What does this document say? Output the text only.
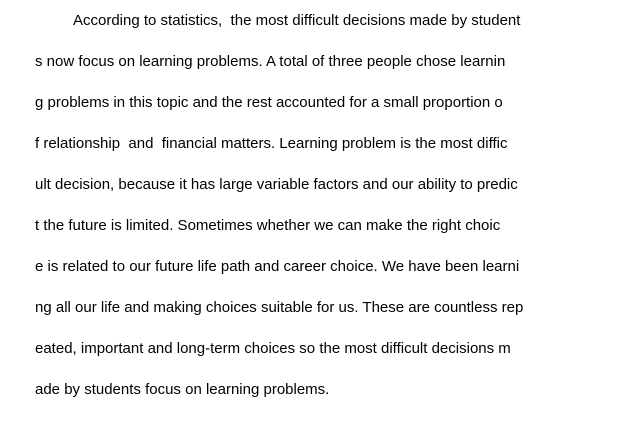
According to statistics,  the most difficult decisions made by student
s now focus on learning problems. A total of three people chose learnin
g problems in this topic and the rest accounted for a small proportion o
f relationship  and  financial matters. Learning problem is the most diffic
ult decision, because it has large variable factors and our ability to predic
t the future is limited. Sometimes whether we can make the right choic
e is related to our future life path and career choice. We have been learni
ng all our life and making choices suitable for us. These are countless rep
eated, important and long-term choices so the most difficult decisions m
ade by students focus on learning problems.
